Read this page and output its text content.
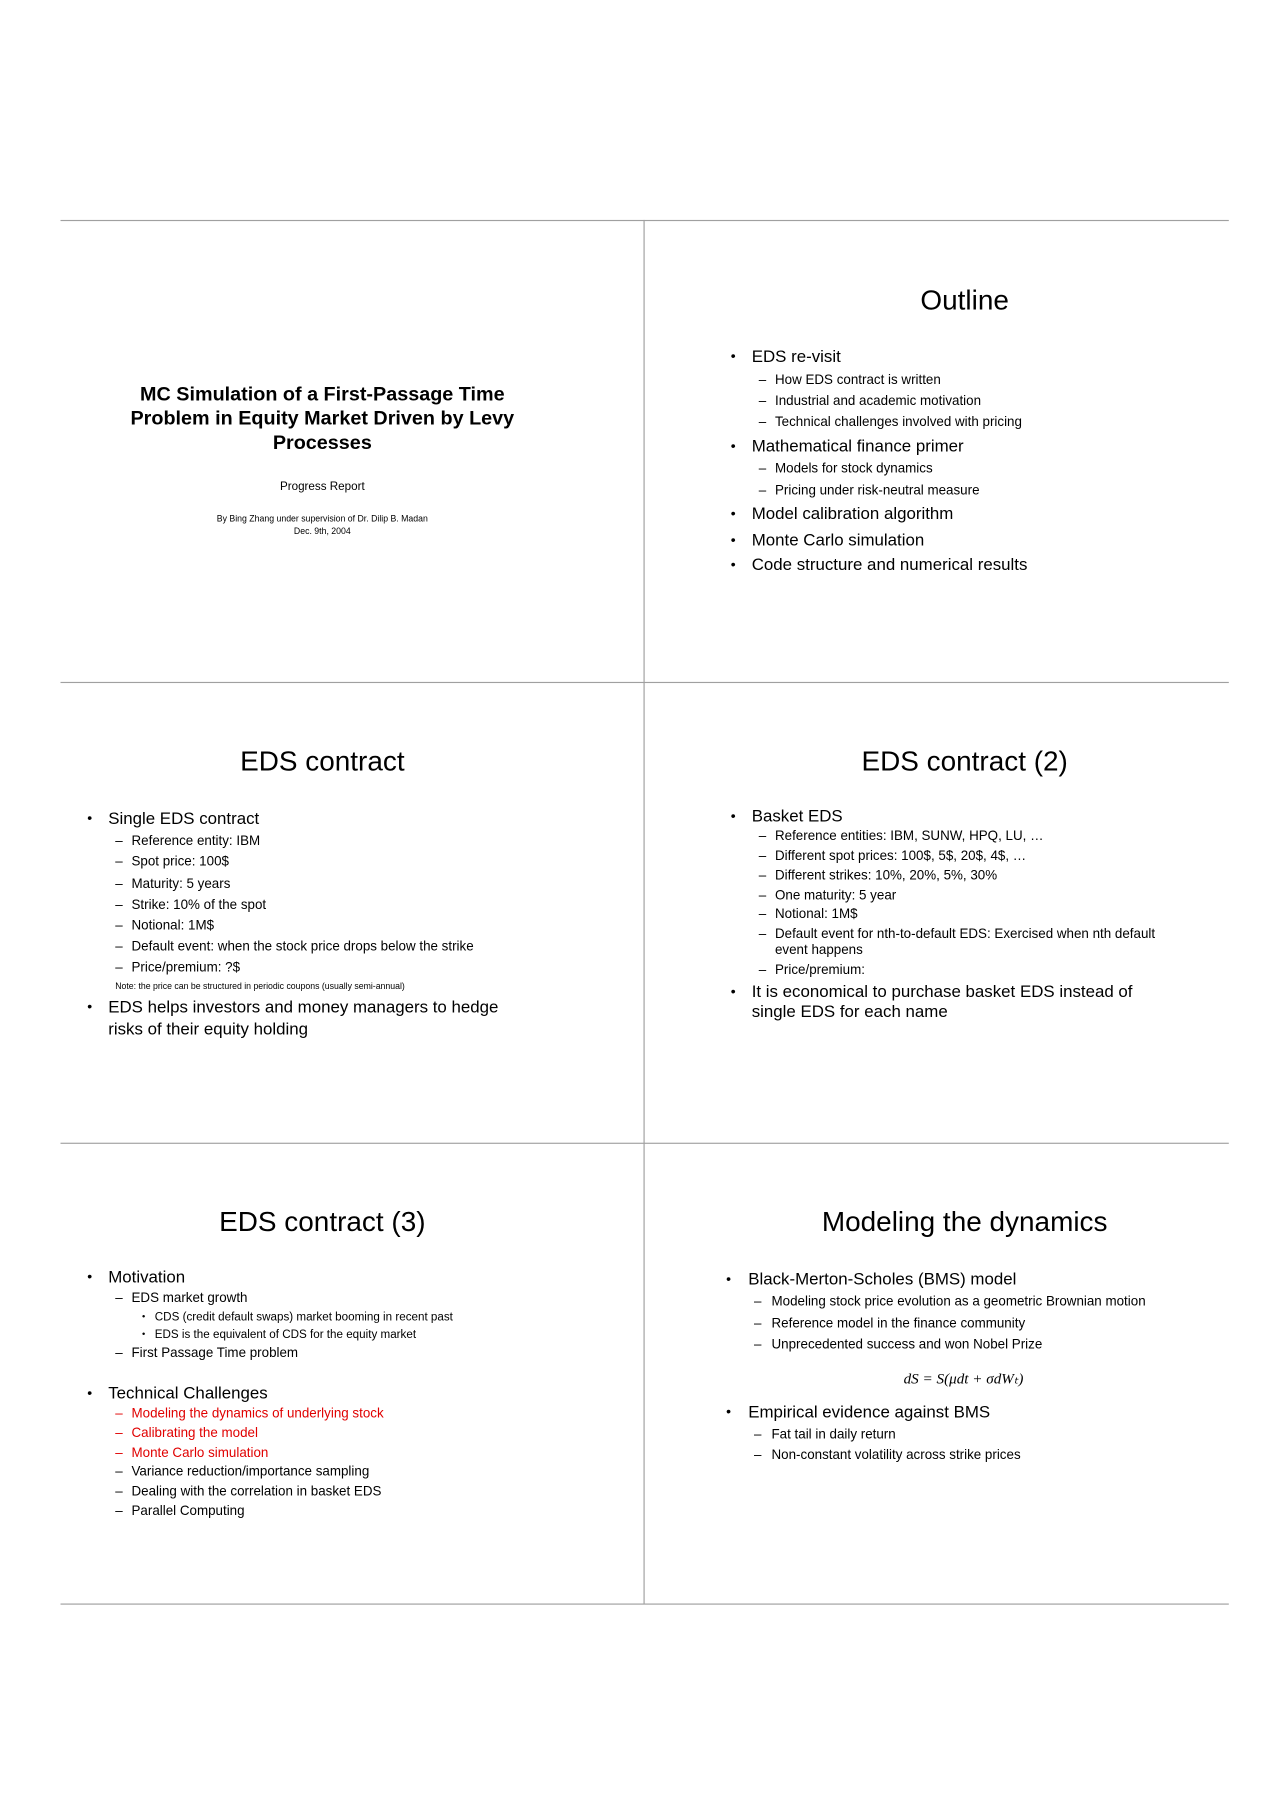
MC Simulation of a First-Passage Time
Problem in Equity Market Driven by Levy
Processes
Progress Report
By Bing Zhang under supervision of Dr. Dilip B. Madan
Dec. 9th, 2004
Outline
• EDS re-visit
– How EDS contract is written
– Industrial and academic motivation
– Technical challenges involved with pricing
• Mathematical finance primer
– Models for stock dynamics
– Pricing under risk-neutral measure
• Model calibration algorithm
• Monte Carlo simulation
• Code structure and numerical results
EDS contract
• Single EDS contract
– Reference entity: IBM
– Spot price: 100$
– Maturity: 5 years
– Strike: 10% of the spot
– Notional: 1M$
– Default event: when the stock price drops below the strike
– Price/premium: ?$
Note: the price can be structured in periodic coupons (usually semi-annual)
• EDS helps investors and money managers to hedge
risks of their equity holding
EDS contract (2)
• Basket EDS
– Reference entities: IBM, SUNW, HPQ, LU, …
– Different spot prices: 100$, 5$, 20$, 4$, …
– Different strikes: 10%, 20%, 5%, 30%
– One maturity: 5 year
– Notional: 1M$
– Default event for nth-to-default EDS: Exercised when nth default
event happens
– Price/premium:
• It is economical to purchase basket EDS instead of
single EDS for each name
EDS contract (3)
• Motivation
– EDS market growth
• CDS (credit default swaps) market booming in recent past
• EDS is the equivalent of CDS for the equity market
– First Passage Time problem
• Technical Challenges
– Modeling the dynamics of underlying stock
– Calibrating the model
– Monte Carlo simulation
– Variance reduction/importance sampling
– Dealing with the correlation in basket EDS
– Parallel Computing
Modeling the dynamics
• Black-Merton-Scholes (BMS) model
– Modeling stock price evolution as a geometric Brownian motion
– Reference model in the finance community
– Unprecedented success and won Nobel Prize
dS = S(μdt + σdWₜ)
• Empirical evidence against BMS
– Fat tail in daily return
– Non-constant volatility across strike prices
